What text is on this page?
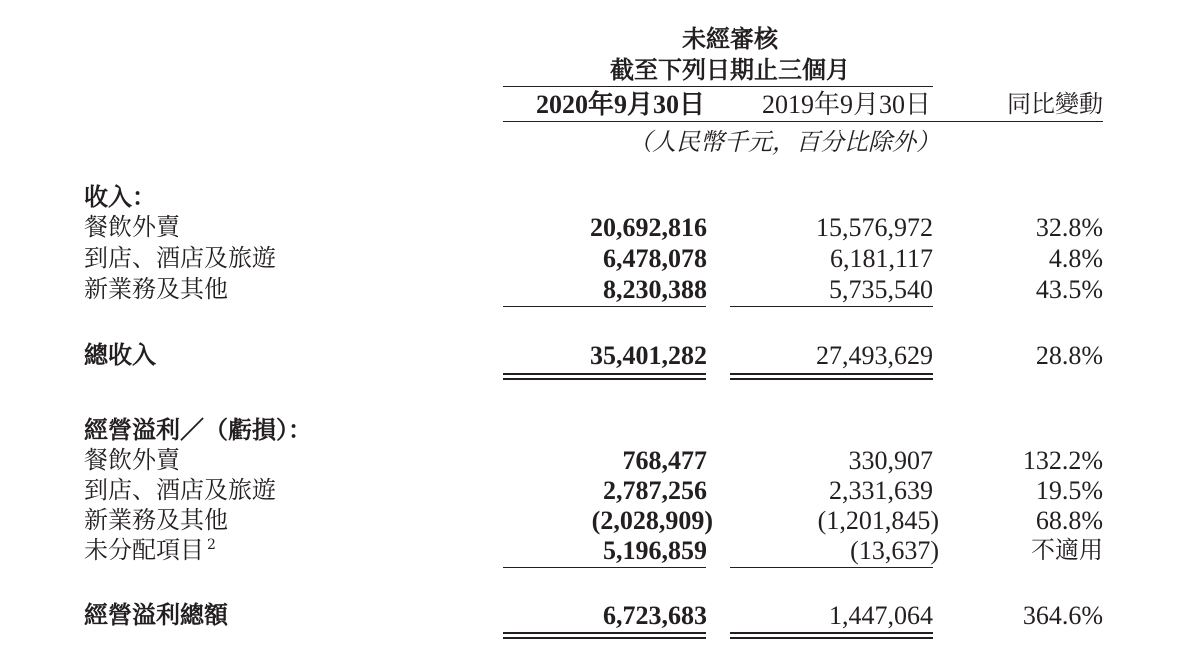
未經審核
截至下列日期止三個月
2020年9月30日 2019年9月30日	同比變動
（人民幣千元，百分比除外）
收入：
餐飲外賣	20,692,816	15,576,972	32.8%
到店、酒店及旅遊	6,478,078	6,181,117	4.8%
新業務及其他	8,230,388	5,735,540	43.5%
總收入	35,401,282	27,493,629	28.8%
經營溢利／（虧損）：
餐飲外賣	768,477	330,907	132.2%
到店、酒店及旅遊	2,787,256	2,331,639	19.5%
新業務及其他	(2,028,909)	(1,201,845)	68.8%
未分配項目 $^2$	5,196,859	(13,637)	不適用
經營溢利總額	6,723,683	1,447,064	364.6%
